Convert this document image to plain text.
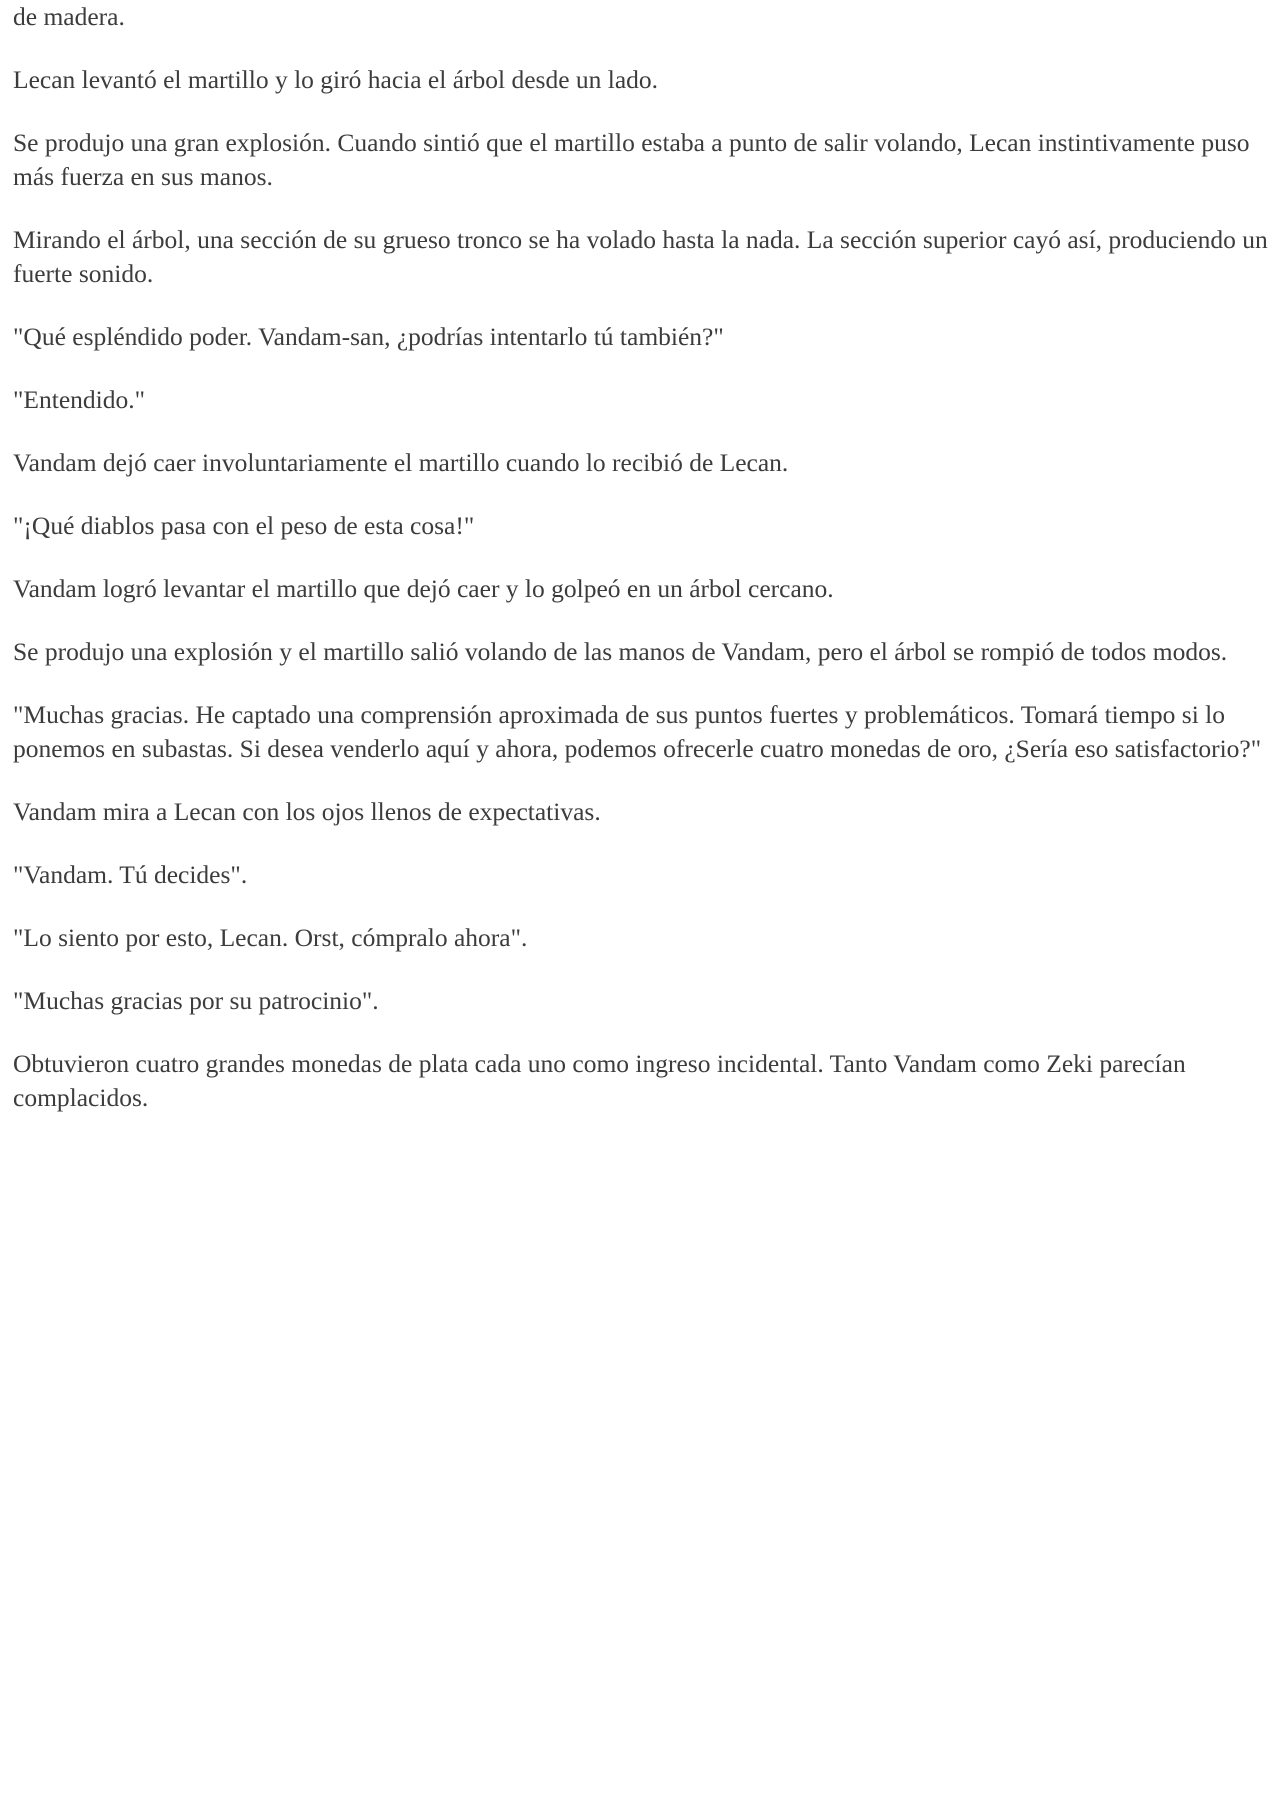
de madera.

Lecan levantó el martillo y lo giró hacia el árbol desde un lado.

Se produjo una gran explosión. Cuando sintió que el martillo estaba a punto de salir volando, Lecan instintivamente puso más fuerza en sus manos.

Mirando el árbol, una sección de su grueso tronco se ha volado hasta la nada. La sección superior cayó así, produciendo un fuerte sonido.

"Qué espléndido poder. Vandam-san, ¿podrías intentarlo tú también?"

"Entendido."

Vandam dejó caer involuntariamente el martillo cuando lo recibió de Lecan.

"¡Qué diablos pasa con el peso de esta cosa!"

Vandam logró levantar el martillo que dejó caer y lo golpeó en un árbol cercano.

Se produjo una explosión y el martillo salió volando de las manos de Vandam, pero el árbol se rompió de todos modos.

"Muchas gracias. He captado una comprensión aproximada de sus puntos fuertes y problemáticos. Tomará tiempo si lo ponemos en subastas. Si desea venderlo aquí y ahora, podemos ofrecerle cuatro monedas de oro, ¿Sería eso satisfactorio?"

Vandam mira a Lecan con los ojos llenos de expectativas.

"Vandam. Tú decides".

"Lo siento por esto, Lecan. Orst, cómpralo ahora".

"Muchas gracias por su patrocinio".

Obtuvieron cuatro grandes monedas de plata cada uno como ingreso incidental. Tanto Vandam como Zeki parecían complacidos.
